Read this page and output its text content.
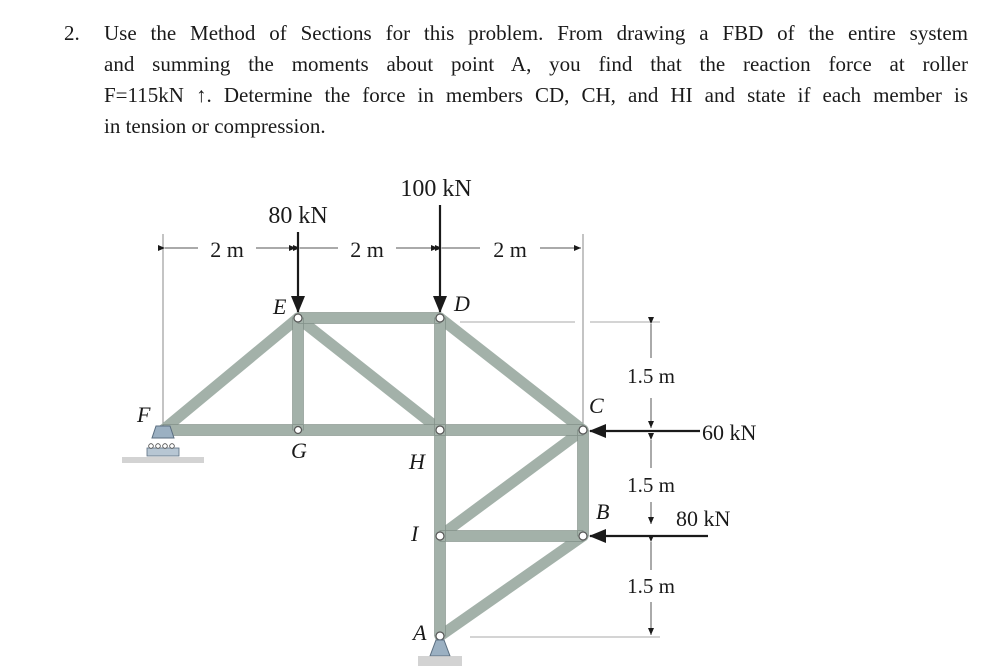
2. Use the Method of Sections for this problem. From drawing a FBD of the entire system
and summing the moments about point A, you find that the reaction force at roller
F=115kN ↑. Determine the force in members CD, CH, and HI and state if each member is
in tension or compression.
80 kN
100 kN
60 kN
80 kN
2 m	2 m	2 m
1.5 m
1.5 m
1.5 m
F
E	D
C
G	H
I
B
A
